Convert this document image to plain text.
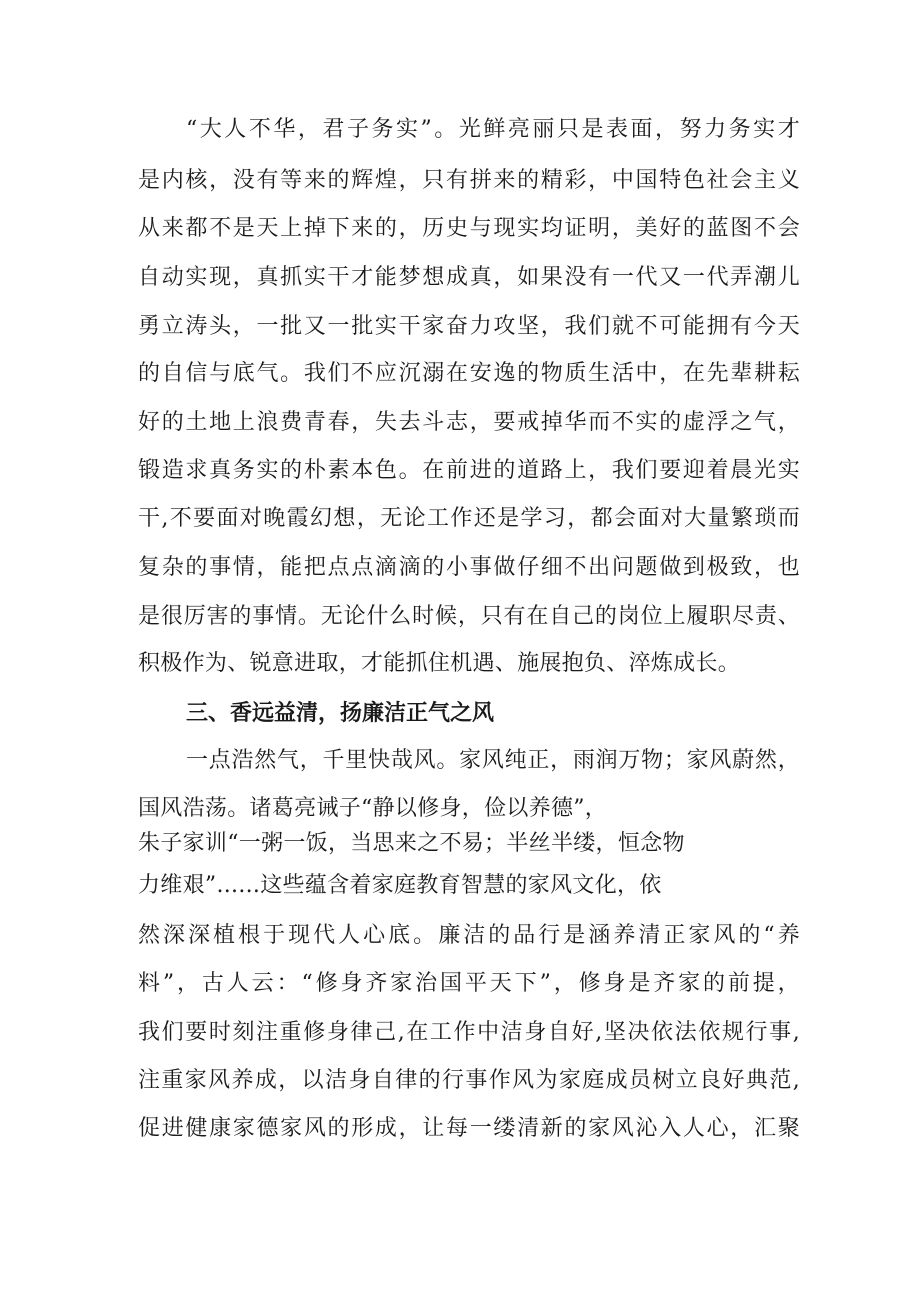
“大人不华，君子务实”。光鲜亮丽只是表面，努力务实才
是内核，没有等来的辉煌，只有拼来的精彩，中国特色社会主义
从来都不是天上掉下来的，历史与现实均证明，美好的蓝图不会
自动实现，真抓实干才能梦想成真，如果没有一代又一代弄潮儿
勇立涛头，一批又一批实干家奋力攻坚，我们就不可能拥有今天
的自信与底气。我们不应沉溺在安逸的物质生活中，在先辈耕耘
好的土地上浪费青春，失去斗志，要戒掉华而不实的虚浮之气，
锻造求真务实的朴素本色。在前进的道路上，我们要迎着晨光实
干,不要面对晚霞幻想，无论工作还是学习，都会面对大量繁琐而
复杂的事情，能把点点滴滴的小事做仔细不出问题做到极致，也
是很厉害的事情。无论什么时候，只有在自己的岗位上履职尽责、
积极作为、锐意进取，才能抓住机遇、施展抱负、淬炼成长。
三、香远益清，扬廉洁正气之风
一点浩然气，千里快哉风。家风纯正，雨润万物；家风蔚然，
国风浩荡。诸葛亮诫子“静以修身，俭以养德”，
朱子家训“一粥一饭，当思来之不易；半丝半缕，恒念物
力维艰”......这些蕴含着家庭教育智慧的家风文化，依
然深深植根于现代人心底。廉洁的品行是涵养清正家风的“养
料”，古人云：“修身齐家治国平天下”，修身是齐家的前提，
我们要时刻注重修身律己,在工作中洁身自好,坚决依法依规行事,
注重家风养成，以洁身自律的行事作风为家庭成员树立良好典范,
促进健康家德家风的形成，让每一缕清新的家风沁入人心，汇聚
